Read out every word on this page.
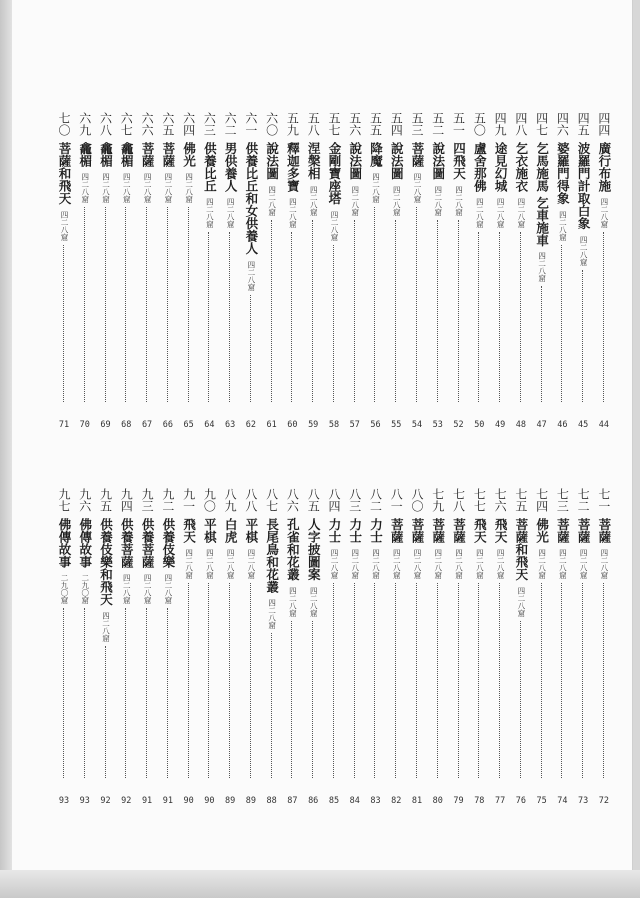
四四
廣行布施
四二八窟
44
四五
波羅門計取白象
四二八窟
45
四六
婆羅門得象
四二八窟
46
四七
乞馬施馬 乞車施車
四二八窟
47
四八
乞衣施衣
四二八窟
48
四九
途見幻城
四二八窟
49
五〇
盧舍那佛
四二八窟
50
五一
四飛天
四二八窟
52
五二
說法圖
四二八窟
53
五三
菩薩
四二八窟
54
五四
說法圖
四二八窟
55
五五
降魔
四二八窟
56
五六
說法圖
四二八窟
57
五七
金剛寶座塔
四二八窟
58
五八
涅槃相
四二八窟
59
五九
釋迦多寶
四二八窟
60
六〇
說法圖
四二八窟
61
六一
供養比丘和女供養人
四二八窟
62
六二
男供養人
四二八窟
63
六三
供養比丘
四二八窟
64
六四
佛光
四二八窟
65
六五
菩薩
四二八窟
66
六六
菩薩
四二八窟
67
六七
龕楣
四二八窟
68
六八
龕楣
四二八窟
69
六九
龕楣
四二八窟
70
七〇
菩薩和飛天
四二八窟
71
七一
菩薩
四二八窟
72
七二
菩薩
四二八窟
73
七三
菩薩
四二八窟
74
七四
佛光
四二八窟
75
七五
菩薩和飛天
四二八窟
76
七六
飛天
四二八窟
77
七七
飛天
四二八窟
78
七八
菩薩
四二八窟
79
七九
菩薩
四二八窟
80
八〇
菩薩
四二八窟
81
八一
菩薩
四二八窟
82
八二
力士
四二八窟
83
八三
力士
四二八窟
84
八四
力士
四二八窟
85
八五
人字披圖案
四二八窟
86
八六
孔雀和花叢
四二八窟
87
八七
長尾鳥和花叢
四二八窟
88
八八
平棋
四二八窟
89
八九
白虎
四二八窟
89
九〇
平棋
四二八窟
90
九一
飛天
四二八窟
90
九二
供養伎樂
四二八窟
91
九三
供養菩薩
四二八窟
91
九四
供養菩薩
四二八窟
92
九五
供養伎樂和飛天
四二八窟
92
九六
佛傳故事
二九〇窟
93
九七
佛傳故事
二九〇窟
93
